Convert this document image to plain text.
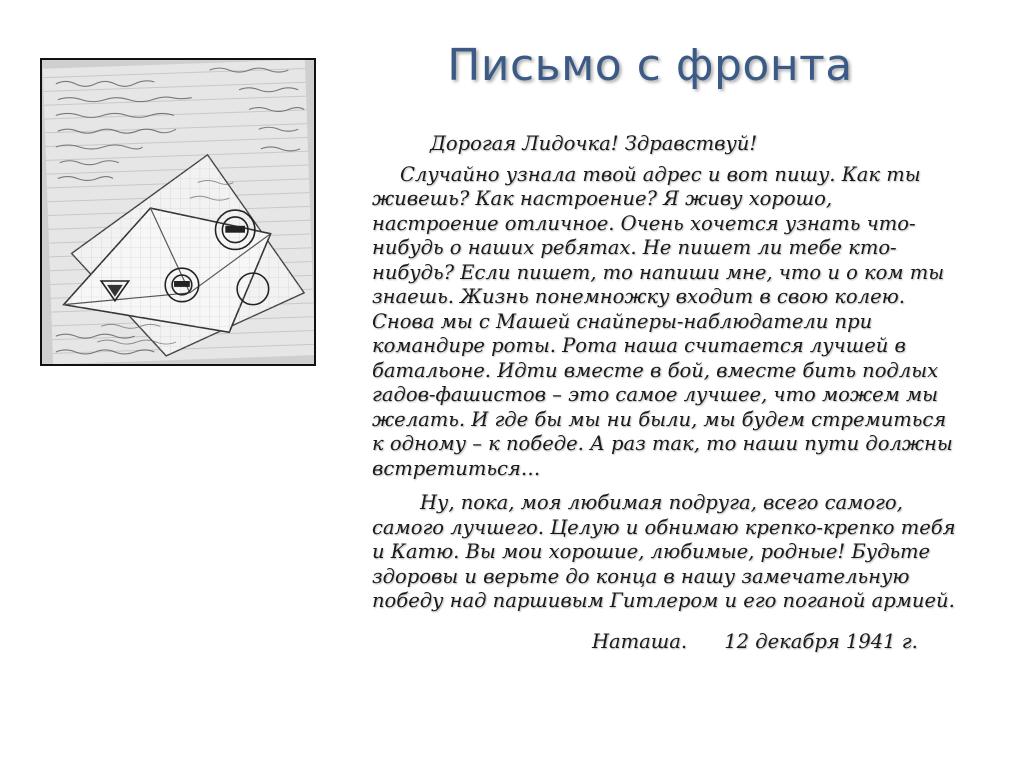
Письмо с фронта

Дорогая Лидочка! Здравствуй!

Случайно узнала твой адрес и вот пишу. Как ты живешь? Как настроение? Я живу хорошо, настроение отличное. Очень хочется узнать что-нибудь о наших ребятах. Не пишет ли тебе кто-нибудь? Если пишет, то напиши мне, что и о ком ты знаешь. Жизнь понемножку входит в свою колею. Снова мы с Машей снайперы-наблюдатели при командире роты. Рота наша считается лучшей в батальоне. Идти вместе в бой, вместе бить подлых гадов-фашистов – это самое лучшее, что можем мы желать. И где бы мы ни были, мы будем стремиться к одному – к победе. А раз так, то наши пути должны встретиться…

Ну, пока, моя любимая подруга, всего самого, самого лучшего. Целую и обнимаю крепко-крепко тебя и Катю. Вы мои хорошие, любимые, родные! Будьте здоровы и верьте до конца в нашу замечательную победу над паршивым Гитлером и его поганой армией.

Наташа. 12 декабря 1941 г.
